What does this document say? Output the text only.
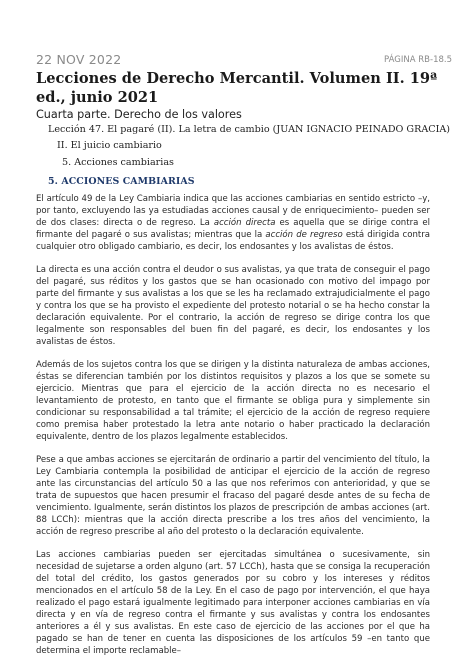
22 NOV 2022	PÁGINA RB-18.5
Lecciones de Derecho Mercantil. Volumen II. 19ª ed., junio 2021
Cuarta parte. Derecho de los valores
Lección 47. El pagaré (II). La letra de cambio (JUAN IGNACIO PEINADO GRACIA)
II. El juicio cambiario
5. Acciones cambiarias
5. ACCIONES CAMBIARIAS

El artículo 49 de la Ley Cambiaria indica que las acciones cambiarias en sentido estricto –y, por tanto, excluyendo las ya estudiadas acciones causal y de enriquecimiento– pueden ser de dos clases: directa o de regreso. La acción directa es aquella que se dirige contra el firmante del pagaré o sus avalistas; mientras que la acción de regreso está dirigida contra cualquier otro obligado cambiario, es decir, los endosantes y los avalistas de éstos.

La directa es una acción contra el deudor o sus avalistas, ya que trata de conseguir el pago del pagaré, sus réditos y los gastos que se han ocasionado con motivo del impago por parte del firmante y sus avalistas a los que se les ha reclamado extrajudicialmente el pago y contra los que se ha provisto el expediente del protesto notarial o se ha hecho constar la declaración equivalente. Por el contrario, la acción de regreso se dirige contra los que legalmente son responsables del buen fin del pagaré, es decir, los endosantes y los avalistas de éstos.

Además de los sujetos contra los que se dirigen y la distinta naturaleza de ambas acciones, éstas se diferencian también por los distintos requisitos y plazos a los que se somete su ejercicio. Mientras que para el ejercicio de la acción directa no es necesario el levantamiento de protesto, en tanto que el firmante se obliga pura y simplemente sin condicionar su responsabilidad a tal trámite; el ejercicio de la acción de regreso requiere como premisa haber protestado la letra ante notario o haber practicado la declaración equivalente, dentro de los plazos legalmente establecidos.

Pese a que ambas acciones se ejercitarán de ordinario a partir del vencimiento del título, la Ley Cambiaria contempla la posibilidad de anticipar el ejercicio de la acción de regreso ante las circunstancias del artículo 50 a las que nos referimos con anterioridad, y que se trata de supuestos que hacen presumir el fracaso del pagaré desde antes de su fecha de vencimiento. Igualmente, serán distintos los plazos de prescripción de ambas acciones (art. 88 LCCh): mientras que la acción directa prescribe a los tres años del vencimiento, la acción de regreso prescribe al año del protesto o la declaración equivalente.

Las acciones cambiarias pueden ser ejercitadas simultánea o sucesivamente, sin necesidad de sujetarse a orden alguno (art. 57 LCCh), hasta que se consiga la recuperación del total del crédito, los gastos generados por su cobro y los intereses y réditos mencionados en el artículo 58 de la Ley. En el caso de pago por intervención, el que haya realizado el pago estará igualmente legitimado para interponer acciones cambiarias en vía directa y en vía de regreso contra el firmante y sus avalistas y contra los endosantes anteriores a él y sus avalistas. En este caso de ejercicio de las acciones por el que ha pagado se han de tener en cuenta las disposiciones de los artículos 59 –en tanto que determina el importe reclamable–
